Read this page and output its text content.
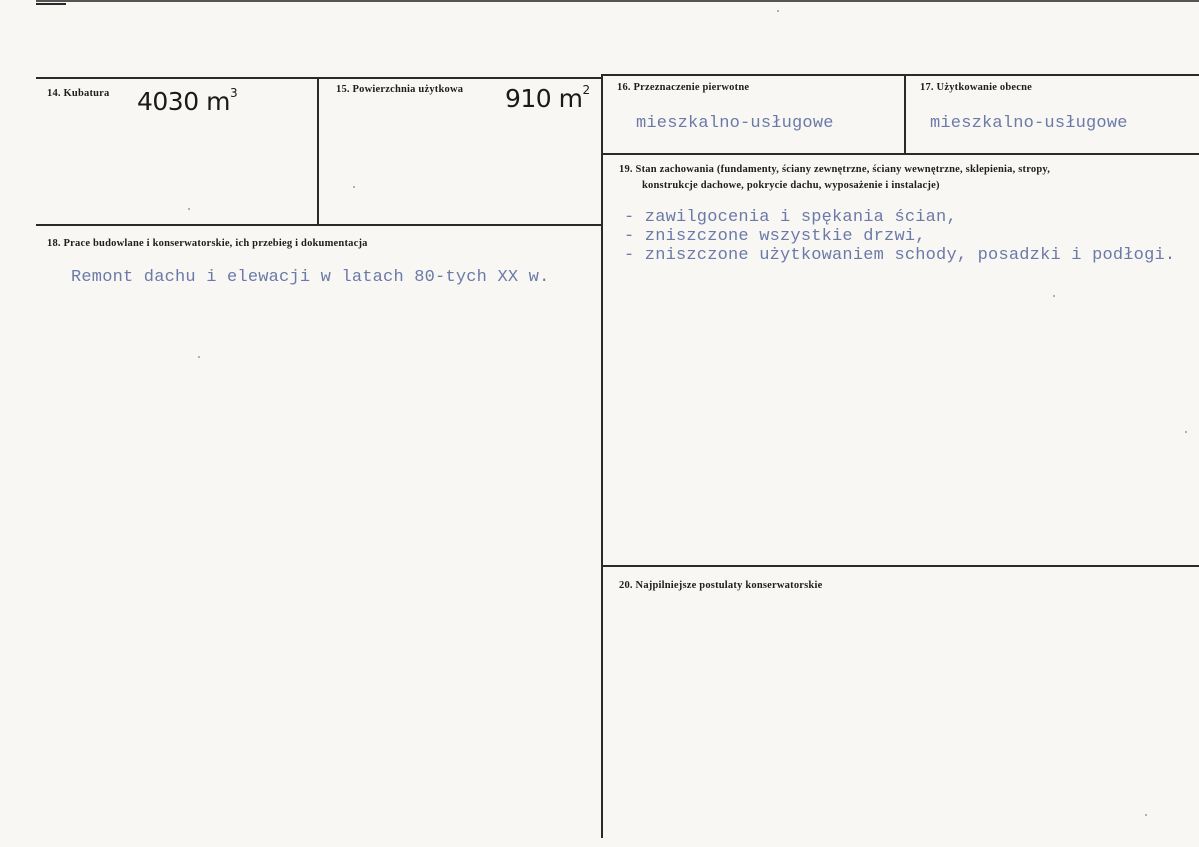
14. Kubatura 4030 $m^3$	15. Powierzchnia użytkowa 910 $m^2$	16. Przeznaczenie pierwotne
mieszkalno-usługowe
17. Użytkowanie obecne
mieszkalno-usługowe
18. Prace budowlane i konserwatorskie, ich przebieg i dokumentacja
Remont dachu i elewacji w latach 80-tych XX w.
19. Stan zachowania (fundamenty, ściany zewnętrzne, ściany wewnętrzne, sklepienia, stropy,
konstrukcje dachowe, pokrycie dachu, wyposażenie i instalacje)
- zawilgocenia i spękania ścian,
- zniszczone wszystkie drzwi,
- zniszczone użytkowaniem schody, posadzki i podłogi.
20. Najpilniejsze postulaty konserwatorskie
